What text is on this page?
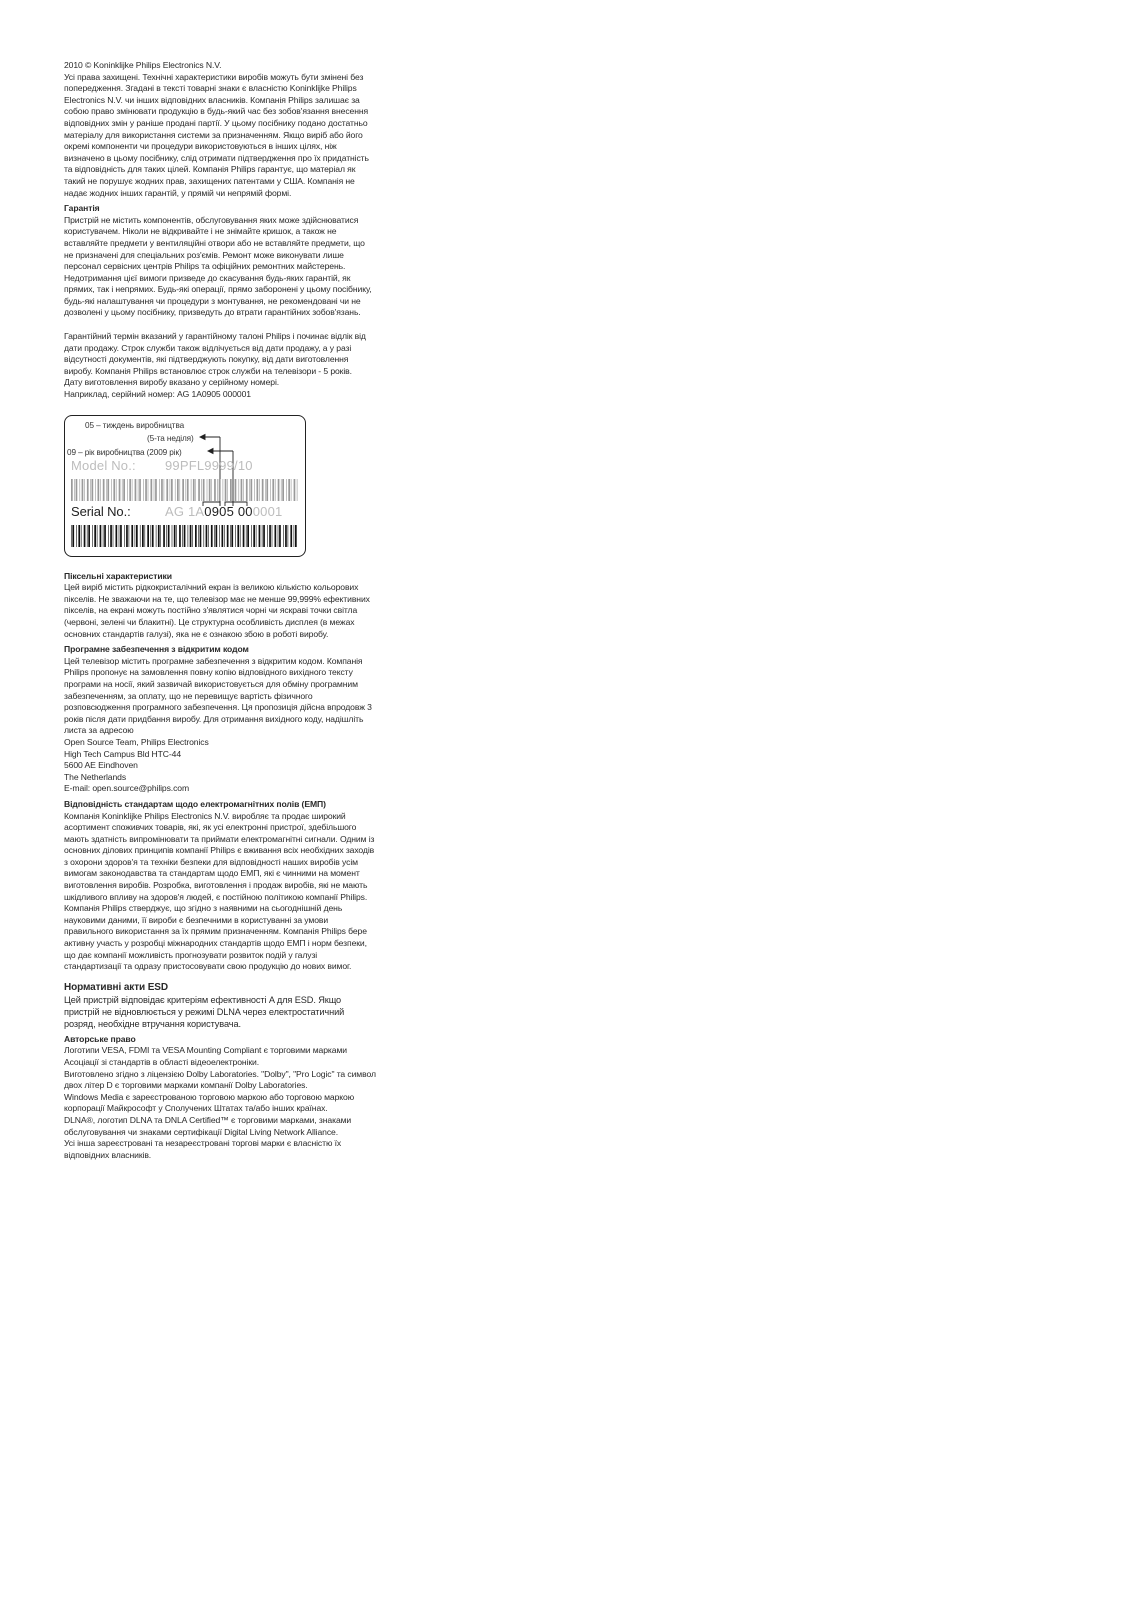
2010 © Koninklijke Philips Electronics N.V.

Усі права захищені. Технічні характеристики виробів можуть бути змінені без попередження. Згадані в тексті товарні знаки є власністю Koninklijke Philips Electronics N.V. чи інших відповідних власників. Компанія Philips залишає за собою право змінювати продукцію в будь-який час без зобов'язання внесення відповідних змін у раніше продані партії. У цьому посібнику подано достатньо матеріалу для використання системи за призначенням. Якщо виріб або його окремі компоненти чи процедури використовуються в інших цілях, ніж визначено в цьому посібнику, слід отримати підтвердження про їх придатність та відповідність для таких цілей. Компанія Philips гарантує, що матеріал як такий не порушує жодних прав, захищених патентами у США. Компанія не надає жодних інших гарантій, у прямій чи непрямій формі.

Гарантія

Пристрій не містить компонентів, обслуговування яких може здійснюватися користувачем. Ніколи не відкривайте і не знімайте кришок, а також не вставляйте предмети у вентиляційні отвори або не вставляйте предмети, що не призначені для спеціальних роз'ємів. Ремонт може виконувати лише персонал сервісних центрів Philips та офіційних ремонтних майстерень. Недотримання цієї вимоги призведе до скасування будь-яких гарантій, як прямих, так і непрямих. Будь-які операції, прямо заборонені у цьому посібнику, будь-які налаштування чи процедури з монтування, не рекомендовані чи не дозволені у цьому посібнику, призведуть до втрати гарантійних зобов'язань.

Гарантійний термін вказаний у гарантійному талоні Philips і починає відлік від дати продажу. Строк служби також відлічується від дати продажу, а у разі відсутності документів, які підтверджують покупку, від дати виготовлення виробу. Компанія Philips встановлює строк служби на телевізори - 5 років.

Дату виготовлення виробу вказано у серійному номері.

Наприклад, серійний номер: AG 1A0905 000001

05 – тиждень виробництва
(5-та неділя)
09 – рік виробництва (2009 рік)
Model No.: 99PFL9999/10
Serial No.:	AG 1A0905 000001

Піксельні характеристики

Цей виріб містить рідкокристалічний екран із великою кількістю кольорових пікселів. Не зважаючи на те, що телевізор має не менше 99,999% ефективних пікселів, на екрані можуть постійно з'являтися чорні чи яскраві точки світла (червоні, зелені чи блакитні). Це структурна особливість дисплея (в межах основних стандартів галузі), яка не є ознакою збою в роботі виробу.

Програмне забезпечення з відкритим кодом

Цей телевізор містить програмне забезпечення з відкритим кодом. Компанія Philips пропонує на замовлення повну копію відповідного вихідного тексту програми на носії, який зазвичай використовується для обміну програмним забезпеченням, за оплату, що не перевищує вартість фізичного розповсюдження програмного забезпечення. Ця пропозиція дійсна впродовж 3 років після дати придбання виробу. Для отримання вихідного коду, надішліть листа за адресою

Open Source Team, Philips Electronics

High Tech Campus Bld HTC-44

5600 AE Eindhoven

The Netherlands

E-mail: open.source@philips.com

Відповідність стандартам щодо електромагнітних полів (ЕМП)

Компанія Koninklijke Philips Electronics N.V. виробляє та продає широкий асортимент споживчих товарів, які, як усі електронні пристрої, здебільшого мають здатність випромінювати та приймати електромагнітні сигнали. Одним із основних ділових принципів компанії Philips є вживання всіх необхідних заходів з охорони здоров'я та техніки безпеки для відповідності наших виробів усім вимогам законодавства та стандартам щодо ЕМП, які є чинними на момент виготовлення виробів. Розробка, виготовлення і продаж виробів, які не мають шкідливого впливу на здоров'я людей, є постійною політикою компанії Philips. Компанія Philips стверджує, що згідно з наявними на сьогоднішній день науковими даними, її вироби є безпечними в користуванні за умови правильного використання за їх прямим призначенням. Компанія Philips бере активну участь у розробці міжнародних стандартів щодо ЕМП і норм безпеки, що дає компанії можливість прогнозувати розвиток подій у галузі стандартизації та одразу пристосовувати свою продукцію до нових вимог.

Нормативні акти ESD

Цей пристрій відповідає критеріям ефективності A для ESD. Якщо пристрій не відновлюється у режимі DLNA через електростатичний розряд, необхідне втручання користувача.

Авторське право

Логотипи VESA, FDMI та VESA Mounting Compliant є торговими марками Асоціації зі стандартів в області відеоелектроніки.

Виготовлено згідно з ліцензією Dolby Laboratories. "Dolby", "Pro Logic" та символ двох літер D є торговими марками компанії Dolby Laboratories.

Windows Media є зареєстрованою торговою маркою або торговою маркою корпорації Майкрософт у Сполучених Штатах та/або інших країнах.

DLNA®, логотип DLNA та DNLA Certified™ є торговими марками, знаками обслуговування чи знаками сертифікації Digital Living Network Alliance.

Усі інша зареєстровані та незареєстровані торгові марки є власністю їх відповідних власників.
